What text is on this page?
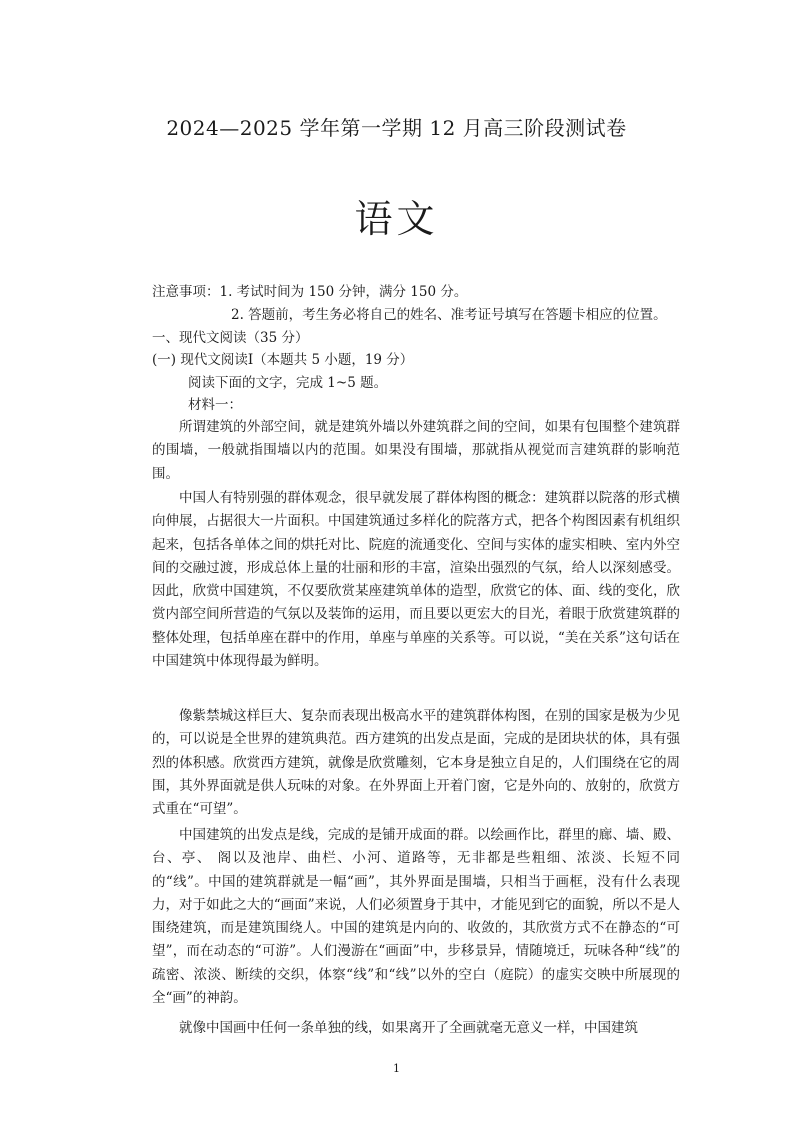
2024—2025 学年第一学期 12 月高三阶段测试卷
语文
注意事项：1. 考试时间为 150 分钟，满分 150 分。
2. 答题前，考生务必将自己的姓名、准考证号填写在答题卡相应的位置。
一、现代文阅读（35 分）
(一) 现代文阅读Ⅰ（本题共 5 小题，19 分）
阅读下面的文字，完成 1~5 题。
材料一：

所谓建筑的外部空间，就是建筑外墙以外建筑群之间的空间，如果有包围整个建筑群的围墙，一般就指围墙以内的范围。如果没有围墙，那就指从视觉而言建筑群的影响范围。

中国人有特别强的群体观念，很早就发展了群体构图的概念：建筑群以院落的形式横向伸展，占据很大一片面积。中国建筑通过多样化的院落方式，把各个构图因素有机组织起来，包括各单体之间的烘托对比、院庭的流通变化、空间与实体的虚实相映、室内外空间的交融过渡，形成总体上量的壮丽和形的丰富，渲染出强烈的气氛，给人以深刻感受。因此，欣赏中国建筑，不仅要欣赏某座建筑单体的造型，欣赏它的体、面、线的变化，欣赏内部空间所营造的气氛以及装饰的运用，而且要以更宏大的目光，着眼于欣赏建筑群的整体处理，包括单座在群中的作用，单座与单座的关系等。可以说，“美在关系”这句话在中国建筑中体现得最为鲜明。

像紫禁城这样巨大、复杂而表现出极高水平的建筑群体构图，在别的国家是极为少见的，可以说是全世界的建筑典范。西方建筑的出发点是面，完成的是团块状的体，具有强烈的体积感。欣赏西方建筑，就像是欣赏雕刻，它本身是独立自足的，人们围绕在它的周围，其外界面就是供人玩味的对象。在外界面上开着门窗，它是外向的、放射的，欣赏方式重在“可望”。

中国建筑的出发点是线，完成的是铺开成面的群。以绘画作比，群里的廊、墙、殿、 台、亭、 阁以及池岸、曲栏、小河、道路等，无非都是些粗细、浓淡、长短不同的“线”。中国的建筑群就是一幅“画”，其外界面是围墙，只相当于画框，没有什么表现力，对于如此之大的“画面”来说，人们必须置身于其中，才能见到它的面貌，所以不是人围绕建筑，而是建筑围绕人。中国的建筑是内向的、收敛的，其欣赏方式不在静态的“可望”，而在动态的“可游”。人们漫游在“画面”中，步移景异，情随境迁，玩味各种“线”的疏密、浓淡、断续的交织，体察“线”和“线”以外的空白（庭院）的虚实交映中所展现的全“画”的神韵。

就像中国画中任何一条单独的线，如果离开了全画就毫无意义一样，中国建筑

1
